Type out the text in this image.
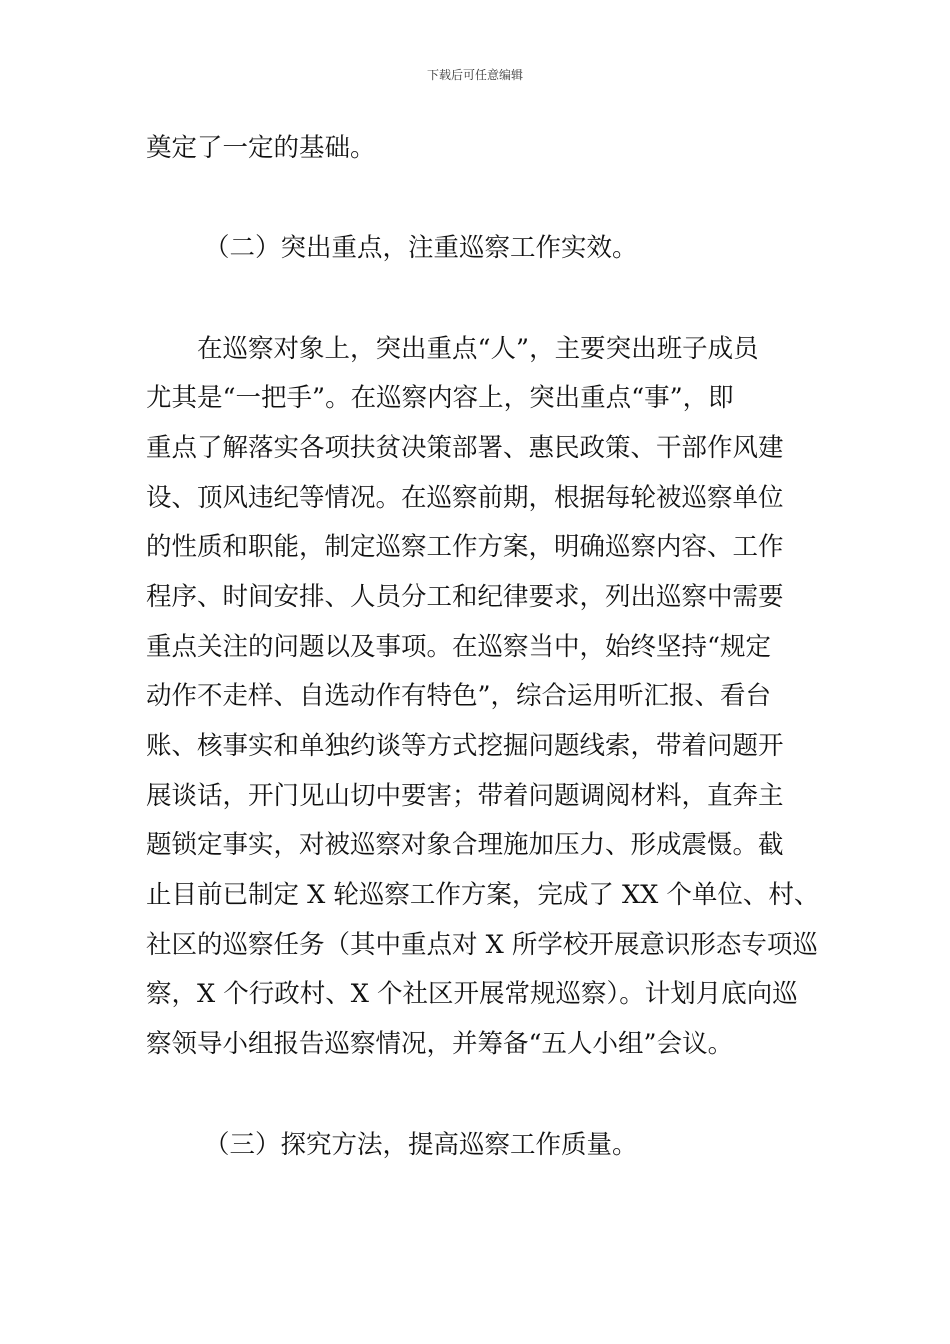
下载后可任意编辑
奠定了一定的基础。
（二）突出重点，注重巡察工作实效。
　　在巡察对象上，突出重点“人”，主要突出班子成员
尤其是“一把手”。在巡察内容上，突出重点“事”，即
重点了解落实各项扶贫决策部署、惠民政策、干部作风建
设、顶风违纪等情况。在巡察前期，根据每轮被巡察单位
的性质和职能，制定巡察工作方案，明确巡察内容、工作
程序、时间安排、人员分工和纪律要求，列出巡察中需要
重点关注的问题以及事项。在巡察当中，始终坚持“规定
动作不走样、自选动作有特色”，综合运用听汇报、看台
账、核事实和单独约谈等方式挖掘问题线索，带着问题开
展谈话，开门见山切中要害；带着问题调阅材料，直奔主
题锁定事实，对被巡察对象合理施加压力、形成震慑。截
止目前已制定 X 轮巡察工作方案，完成了 XX 个单位、村、
社区的巡察任务（其中重点对 X 所学校开展意识形态专项巡
察，X 个行政村、X 个社区开展常规巡察）。计划月底向巡
察领导小组报告巡察情况，并筹备“五人小组”会议。
（三）探究方法，提高巡察工作质量。
